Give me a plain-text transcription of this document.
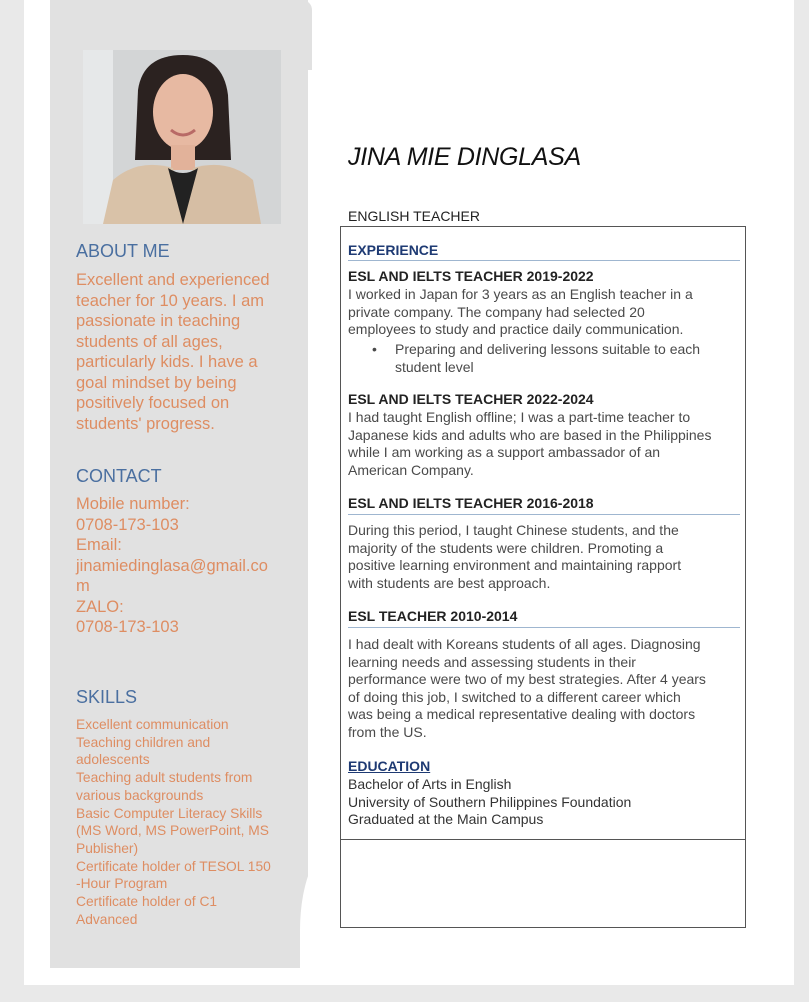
ABOUT ME
Excellent and experienced
teacher for 10 years. I am
passionate in teaching
students of all ages,
particularly kids. I have a
goal mindset by being
positively focused on
students' progress.
CONTACT
Mobile number:
0708-173-103
Email:
jinamiedinglasa@gmail.co
m
ZALO:
0708-173-103
SKILLS
Excellent communication
Teaching children and
adolescents
Teaching adult students from
various backgrounds
Basic Computer Literacy Skills
(MS Word, MS PowerPoint, MS
Publisher)
Certificate holder of TESOL 150
-Hour Program
Certificate holder of C1
Advanced
JINA MIE DINGLASA
ENGLISH TEACHER
EXPERIENCE
ESL AND IELTS TEACHER 2019-2022
I worked in Japan for 3 years as an English teacher in a
private company. The company had selected 20
employees to study and practice daily communication.
•	Preparing and delivering lessons suitable to each
student level
ESL AND IELTS TEACHER 2022-2024
I had taught English offline; I was a part-time teacher to
Japanese kids and adults who are based in the Philippines
while I am working as a support ambassador of an
American Company.
ESL AND IELTS TEACHER 2016-2018
During this period, I taught Chinese students, and the
majority of the students were children. Promoting a
positive learning environment and maintaining rapport
with students are best approach.
ESL TEACHER 2010-2014
I had dealt with Koreans students of all ages. Diagnosing
learning needs and assessing students in their
performance were two of my best strategies. After 4 years
of doing this job, I switched to a different career which
was being a medical representative dealing with doctors
from the US.
EDUCATION
Bachelor of Arts in English
University of Southern Philippines Foundation
Graduated at the Main Campus
